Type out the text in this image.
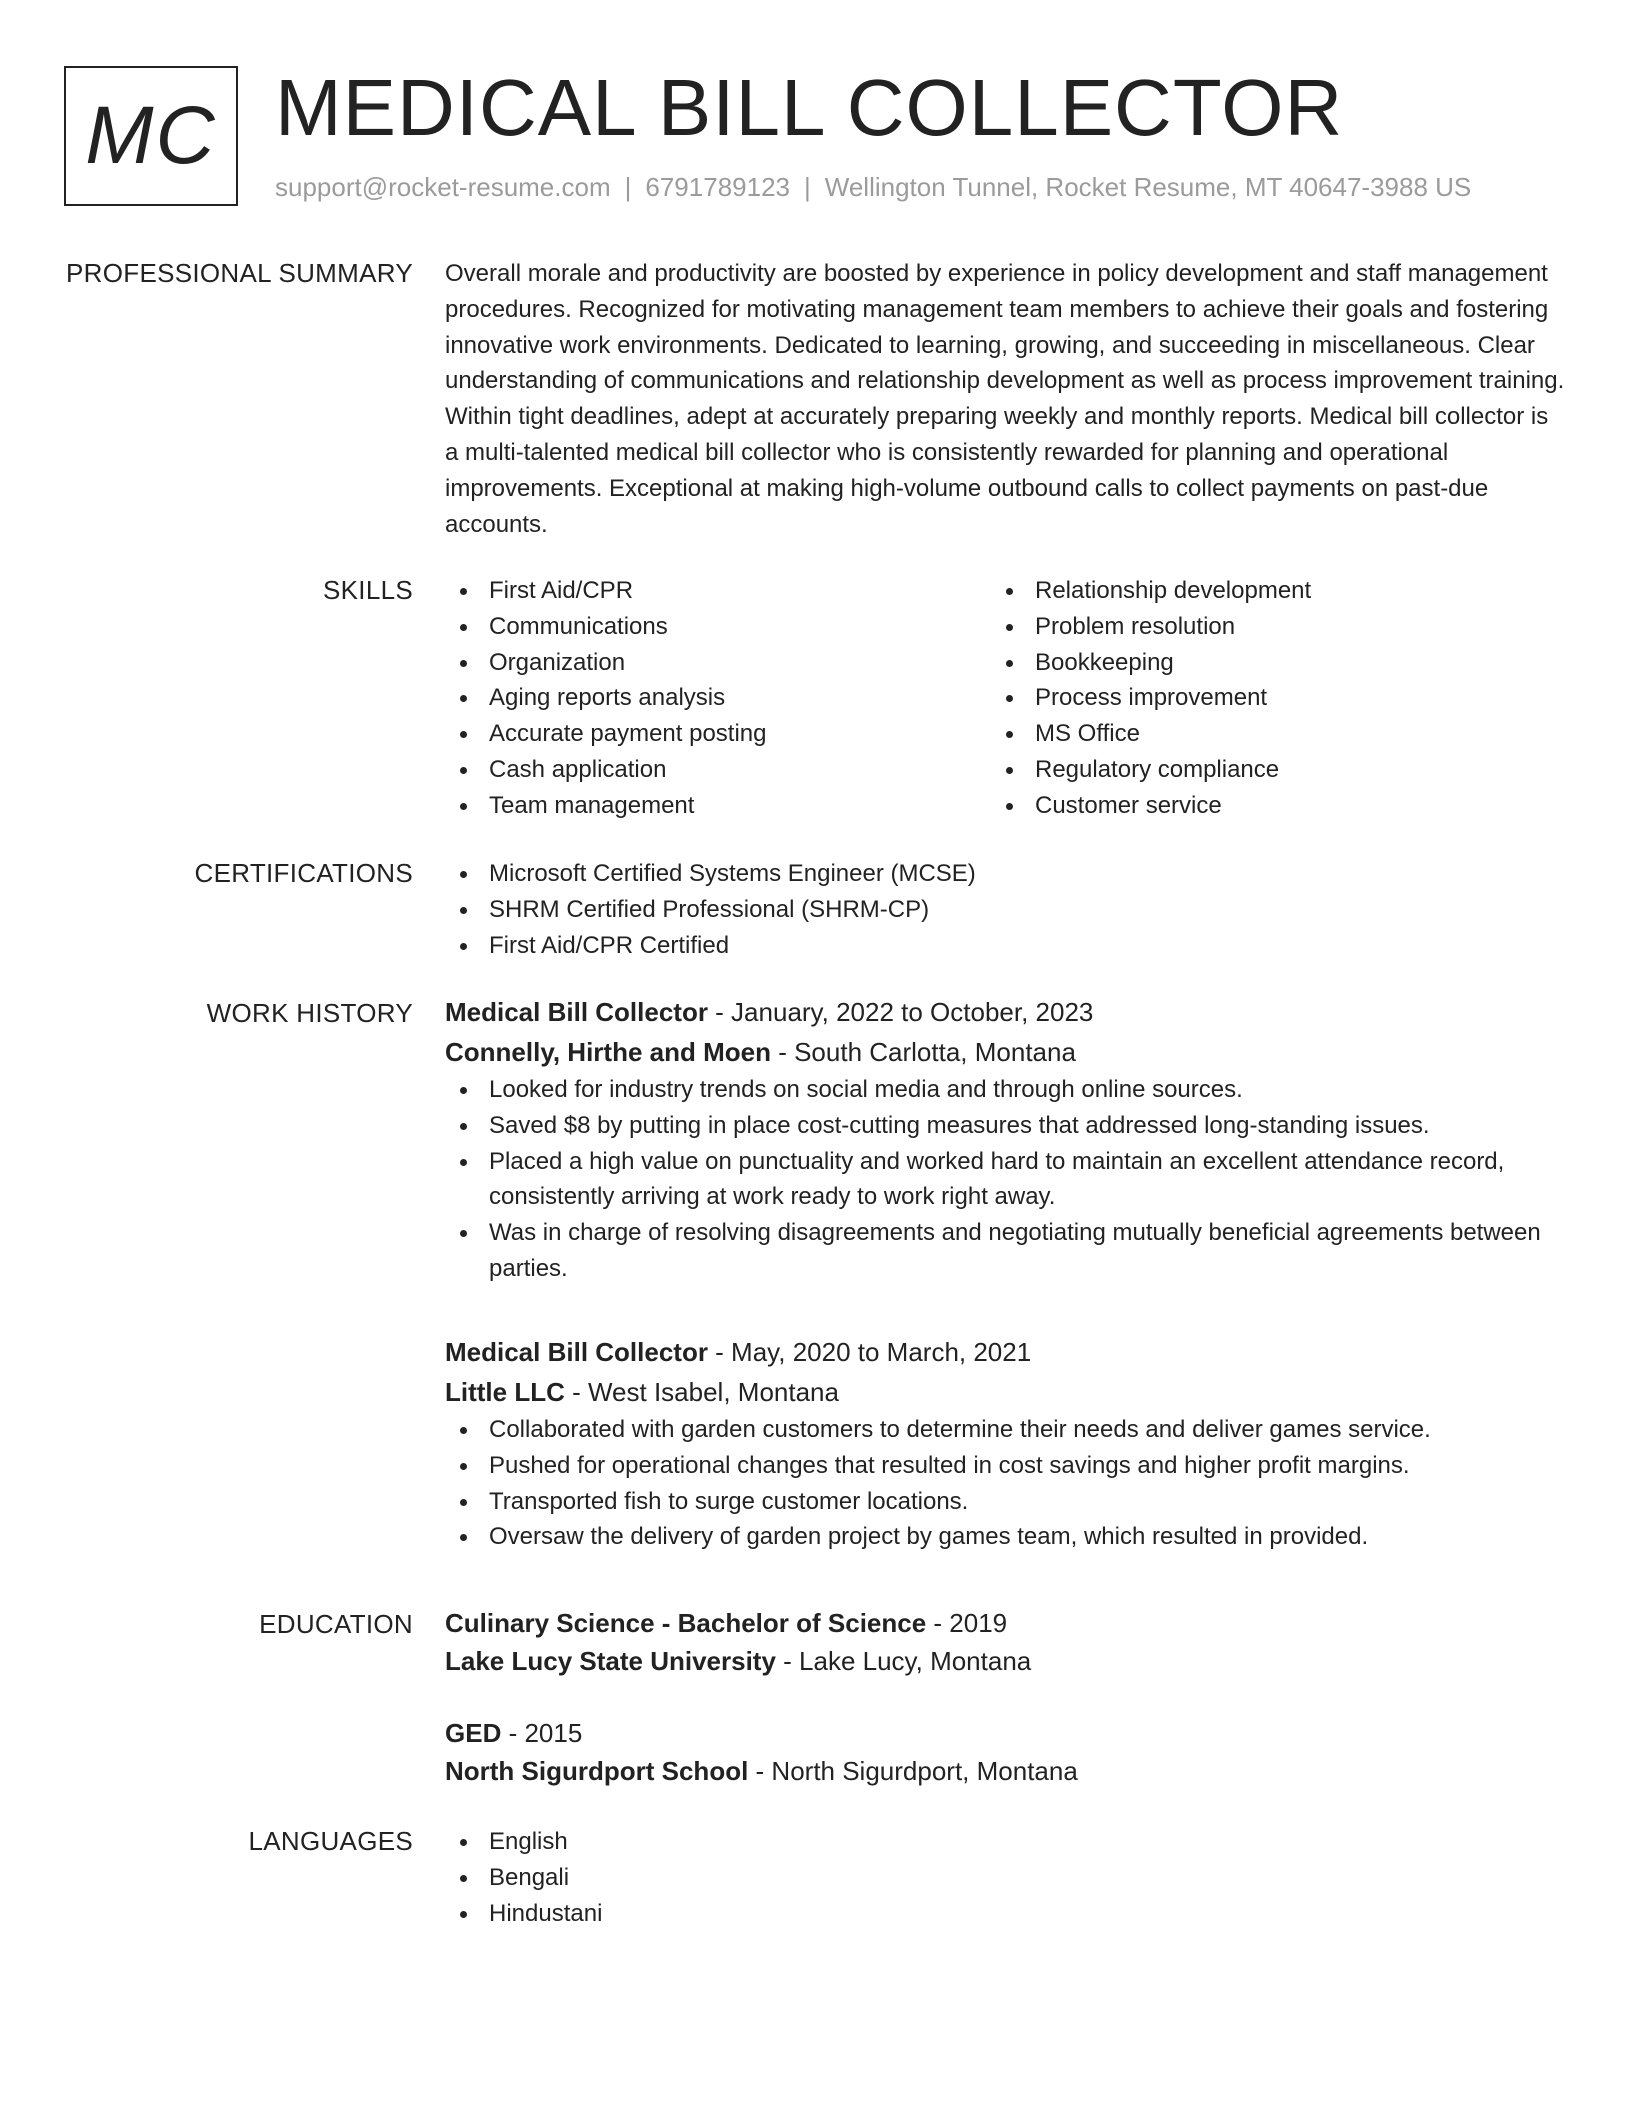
MC MEDICAL BILL COLLECTOR
support@rocket-resume.com | 6791789123 | Wellington Tunnel, Rocket Resume, MT 40647-3988 US
PROFESSIONAL SUMMARY Overall morale and productivity are boosted by experience in policy development and staff management procedures. Recognized for motivating management team members to achieve their goals and fostering innovative work environments. Dedicated to learning, growing, and succeeding in miscellaneous. Clear understanding of communications and relationship development as well as process improvement training. Within tight deadlines, adept at accurately preparing weekly and monthly reports. Medical bill collector is a multi-talented medical bill collector who is consistently rewarded for planning and operational improvements. Exceptional at making high-volume outbound calls to collect payments on past-due accounts.

SKILLS	First Aid/CPR
Communications
Organization
Aging reports analysis
Accurate payment posting
Cash application
Team management
Relationship development
Problem resolution
Bookkeeping
Process improvement
MS Office
Regulatory compliance
Customer service
CERTIFICATIONS	Microsoft Certified Systems Engineer (MCSE)
SHRM Certified Professional (SHRM-CP)
First Aid/CPR Certified
WORK HISTORY Medical Bill Collector - January, 2022 to October, 2023
Connelly, Hirthe and Moen - South Carlotta, Montana
Looked for industry trends on social media and through online sources.
Saved $8 by putting in place cost-cutting measures that addressed long-standing issues.
Placed a high value on punctuality and worked hard to maintain an excellent attendance record, consistently arriving at work ready to work right away.
Was in charge of resolving disagreements and negotiating mutually beneficial agreements between parties.
Medical Bill Collector - May, 2020 to March, 2021
Little LLC - West Isabel, Montana
Collaborated with garden customers to determine their needs and deliver games service.
Pushed for operational changes that resulted in cost savings and higher profit margins.
Transported fish to surge customer locations.
Oversaw the delivery of garden project by games team, which resulted in provided.
EDUCATION Culinary Science - Bachelor of Science - 2019
Lake Lucy State University - Lake Lucy, Montana
GED - 2015
North Sigurdport School - North Sigurdport, Montana
LANGUAGES	English
Bengali
Hindustani
